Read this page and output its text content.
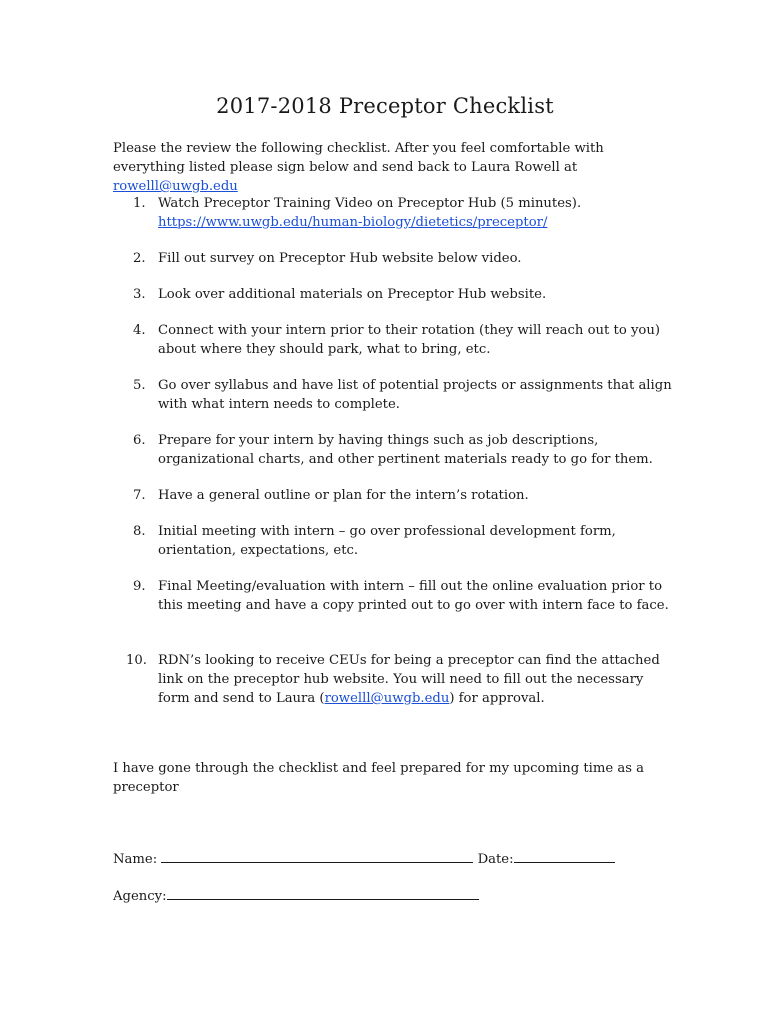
2017-2018 Preceptor Checklist
Please the review the following checklist. After you feel comfortable with everything listed please sign below and send back to Laura Rowell at rowelll@uwgb.edu
1. Watch Preceptor Training Video on Preceptor Hub (5 minutes).
https://www.uwgb.edu/human-biology/dietetics/preceptor/
2. Fill out survey on Preceptor Hub website below video.
3. Look over additional materials on Preceptor Hub website.
4. Connect with your intern prior to their rotation (they will reach out to you) about where they should park, what to bring, etc.
5. Go over syllabus and have list of potential projects or assignments that align with what intern needs to complete.
6. Prepare for your intern by having things such as job descriptions, organizational charts, and other pertinent materials ready to go for them.
7. Have a general outline or plan for the intern’s rotation.
8. Initial meeting with intern – go over professional development form, orientation, expectations, etc.
9. Final Meeting/evaluation with intern – fill out the online evaluation prior to this meeting and have a copy printed out to go over with intern face to face.
10. RDN’s looking to receive CEUs for being a preceptor can find the attached link on the preceptor hub website. You will need to fill out the necessary form and send to Laura (rowelll@uwgb.edu) for approval.
I have gone through the checklist and feel prepared for my upcoming time as a preceptor
Name:	Date:
Agency:
